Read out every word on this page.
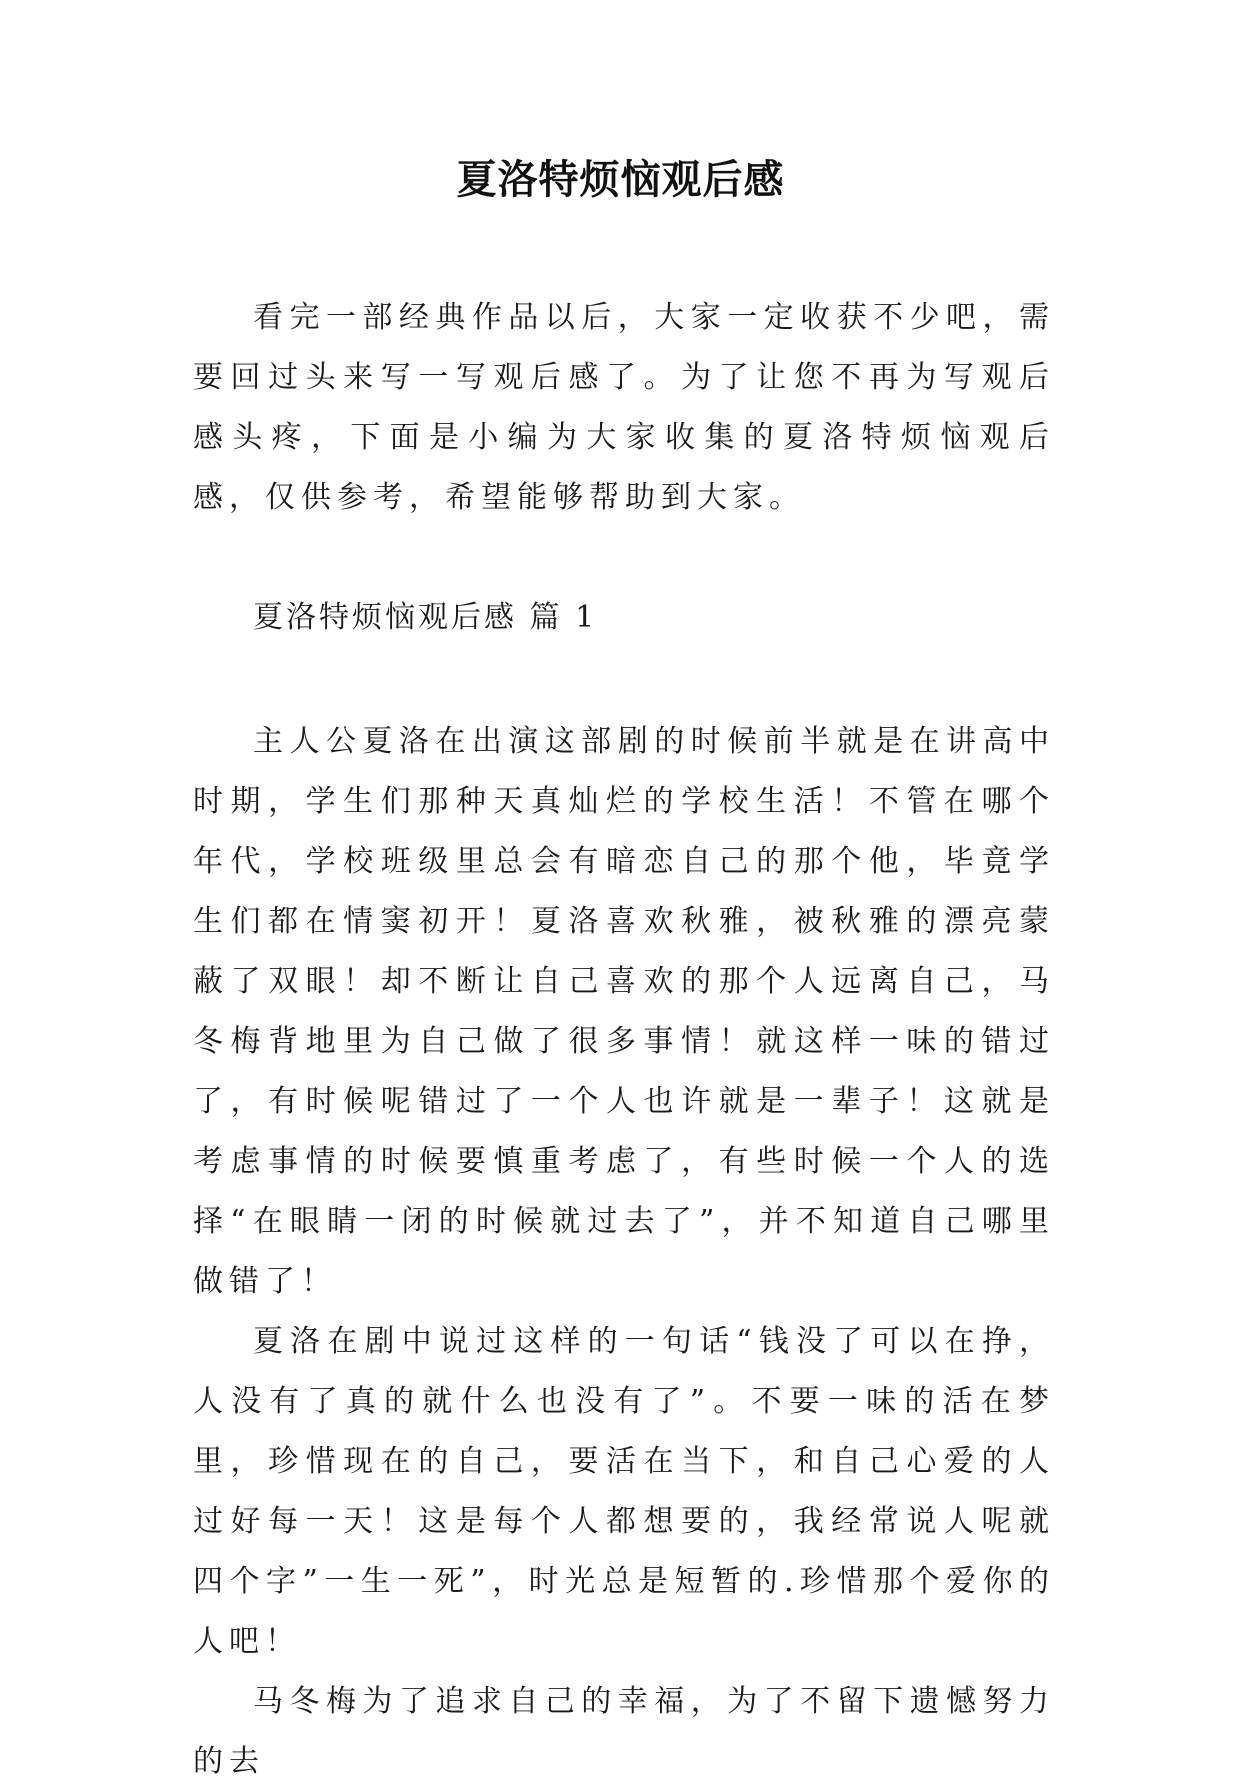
夏洛特烦恼观后感

看完一部经典作品以后，大家一定收获不少吧，需要回过头来写一写观后感了。为了让您不再为写观后感头疼，下面是小编为大家收集的夏洛特烦恼观后感，仅供参考，希望能够帮助到大家。

夏洛特烦恼观后感 篇 1

主人公夏洛在出演这部剧的时候前半就是在讲高中时期，学生们那种天真灿烂的学校生活！不管在哪个年代，学校班级里总会有暗恋自己的那个他，毕竟学生们都在情窦初开！夏洛喜欢秋雅，被秋雅的漂亮蒙蔽了双眼！却不断让自己喜欢的那个人远离自己，马冬梅背地里为自己做了很多事情！就这样一味的错过了，有时候呢错过了一个人也许就是一辈子！这就是考虑事情的时候要慎重考虑了，有些时候一个人的选择“在眼睛一闭的时候就过去了”，并不知道自己哪里做错了！

夏洛在剧中说过这样的一句话“钱没了可以在挣，人没有了真的就什么也没有了”。不要一味的活在梦里，珍惜现在的自己，要活在当下，和自己心爱的人过好每一天！这是每个人都想要的，我经常说人呢就四个字”一生一死”，时光总是短暂的.珍惜那个爱你的人吧！

马冬梅为了追求自己的幸福，为了不留下遗憾努力的去
